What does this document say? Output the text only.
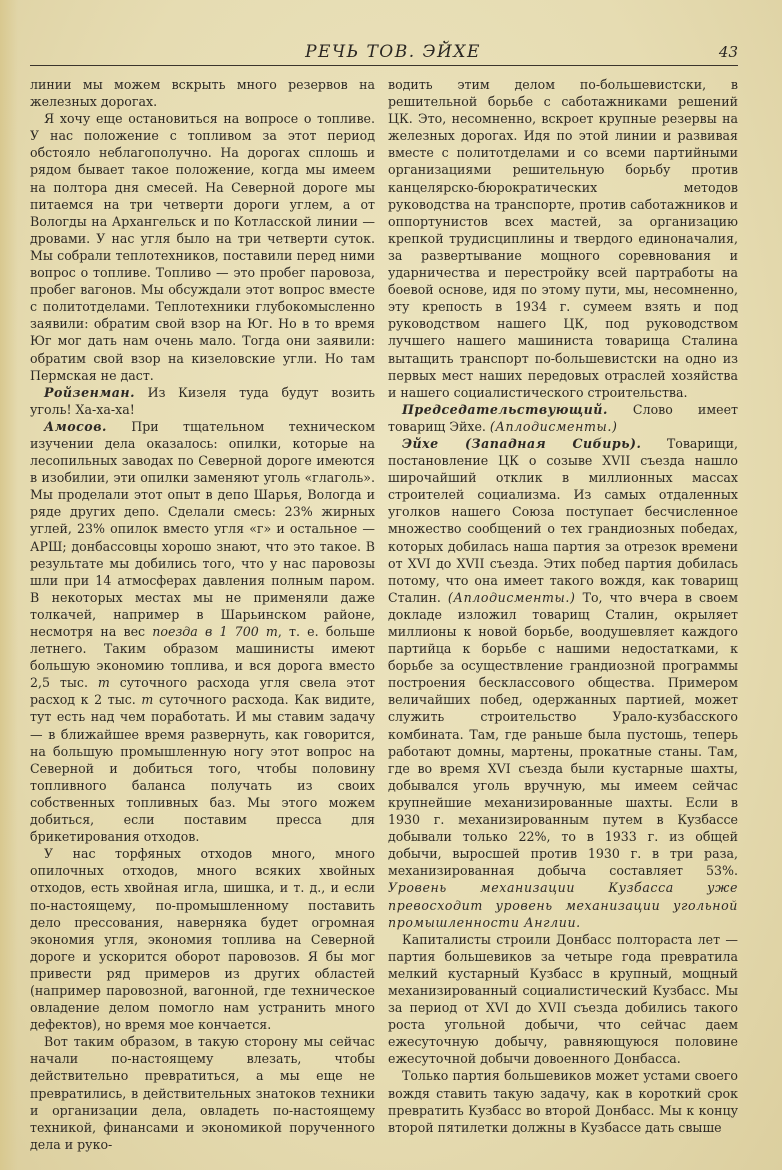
РЕЧЬ ТОВ. ЭЙХЕ	43

линии мы можем вскрыть много резервов на железных дорогах.

Я хочу еще остановиться на вопросе о топливе. У нас положение с топливом за этот период обстояло неблагополучно. На дорогах сплошь и рядом бывает такое положение, когда мы имеем на полтора дня смесей. На Северной дороге мы питаемся на три четверти дороги углем, а от Вологды на Архангельск и по Котласской линии — дровами. У нас угля было на три четверти суток. Мы собрали теплотехников, поставили перед ними вопрос о топливе. Топливо — это пробег паровоза, пробег вагонов. Мы обсуждали этот вопрос вместе с политотделами. Теплотехники глубокомысленно заявили: обратим свой взор на Юг. Но в то время Юг мог дать нам очень мало. Тогда они заявили: обратим свой взор на кизеловские угли. Но там Пермская не даст.

Ройзенман. Из Кизеля туда будут возить уголь! Ха-ха-ха!

Амосов. При тщательном техническом изучении дела оказалось: опилки, которые на лесопильных заводах по Северной дороге имеются в изобилии, эти опилки заменяют уголь «глаголь». Мы проделали этот опыт в депо Шарья, Вологда и ряде других депо. Сделали смесь: 23% жирных углей, 23% опилок вместо угля «г» и остальное — АРШ; донбассовцы хорошо знают, что это такое. В результате мы добились того, что у нас паровозы шли при 14 атмосферах давления полным паром. В некоторых местах мы не применяли даже толкачей, например в Шарьинском районе, несмотря на вес поезда в 1 700 т, т. е. больше летнего. Таким образом машинисты имеют большую экономию топлива, и вся дорога вместо 2,5 тыс. т суточного расхода угля свела этот расход к 2 тыс. т суточного расхода. Как видите, тут есть над чем поработать. И мы ставим задачу — в ближайшее время развернуть, как говорится, на большую промышленную ногу этот вопрос на Северной и добиться того, чтобы половину топливного баланса получать из своих собственных топливных баз. Мы этого можем добиться, если поставим пресса для брикетирования отходов.

У нас торфяных отходов много, много опилочных отходов, много всяких хвойных отходов, есть хвойная игла, шишка, и т. д., и если по-настоящему, по-промышленному поставить дело прессования, наверняка будет огромная экономия угля, экономия топлива на Северной дороге и ускорится оборот паровозов. Я бы мог привести ряд примеров из других областей (например паровозной, вагонной, где техническое овладение делом помогло нам устранить много дефектов), но время мое кончается.

Вот таким образом, в такую сторону мы сейчас начали по-настоящему влезать, чтобы действительно превратиться, а мы еще не превратились, в действительных знатоков техники и организации дела, овладеть по-настоящему техникой, финансами и экономикой порученного дела и руко-

водить этим делом по-большевистски, в решительной борьбе с саботажниками решений ЦК. Это, несомненно, вскроет крупные резервы на железных дорогах. Идя по этой линии и развивая вместе с политотделами и со всеми партийными организациями решительную борьбу против канцелярско-бюрократических методов руководства на транспорте, против саботажников и оппортунистов всех мастей, за организацию крепкой трудисциплины и твердого единоначалия, за развертывание мощного соревнования и ударничества и перестройку всей партработы на боевой основе, идя по этому пути, мы, несомненно, эту крепость в 1934 г. сумеем взять и под руководством нашего ЦК, под руководством лучшего нашего машиниста товарища Сталина вытащить транспорт по-большевистски на одно из первых мест наших передовых отраслей хозяйства и нашего социалистического строительства.

Председательствующий. Слово имеет товарищ Эйхе. (Аплодисменты.)

Эйхе (Западная Сибирь). Товарищи, постановление ЦК о созыве XVII съезда нашло широчайший отклик в миллионных массах строителей социализма. Из самых отдаленных уголков нашего Союза поступает бесчисленное множество сообщений о тех грандиозных победах, которых добилась наша партия за отрезок времени от XVI до XVII съезда. Этих побед партия добилась потому, что она имеет такого вождя, как товарищ Сталин. (Аплодисменты.) То, что вчера в своем докладе изложил товарищ Сталин, окрыляет миллионы к новой борьбе, воодушевляет каждого партийца к борьбе с нашими недостатками, к борьбе за осуществление грандиозной программы построения бесклассового общества. Примером величайших побед, одержанных партией, может служить строительство Урало-кузбасского комбината. Там, где раньше была пустошь, теперь работают домны, мартены, прокатные станы. Там, где во время XVI съезда были кустарные шахты, добывался уголь вручную, мы имеем сейчас крупнейшие механизированные шахты. Если в 1930 г. механизированным путем в Кузбассе добывали только 22%, то в 1933 г. из общей добычи, выросшей против 1930 г. в три раза, механизированная добыча составляет 53%. Уровень механизации Кузбасса уже превосходит уровень механизации угольной промышленности Англии.

Капиталисты строили Донбасс полтораста лет — партия большевиков за четыре года превратила мелкий кустарный Кузбасс в крупный, мощный механизированный социалистический Кузбасс. Мы за период от XVI до XVII съезда добились такого роста угольной добычи, что сейчас даем ежесуточную добычу, равняющуюся половине ежесуточной добычи довоенного Донбасса.

Только партия большевиков может устами своего вождя ставить такую задачу, как в короткий срок превратить Кузбасс во второй Донбасс. Мы к концу второй пятилетки должны в Кузбассе дать свыше
